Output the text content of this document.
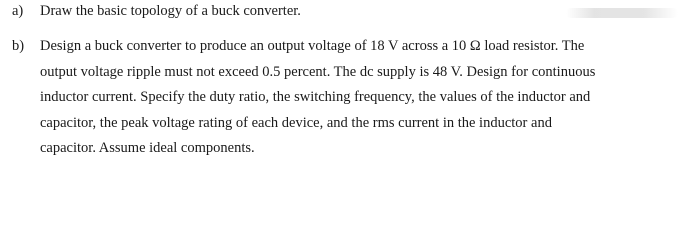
a) Draw the basic topology of a buck converter.
b) Design a buck converter to produce an output voltage of 18 V across a 10 Ω load resistor. The
output voltage ripple must not exceed 0.5 percent. The dc supply is 48 V. Design for continuous
inductor current. Specify the duty ratio, the switching frequency, the values of the inductor and
capacitor, the peak voltage rating of each device, and the rms current in the inductor and
capacitor. Assume ideal components.
